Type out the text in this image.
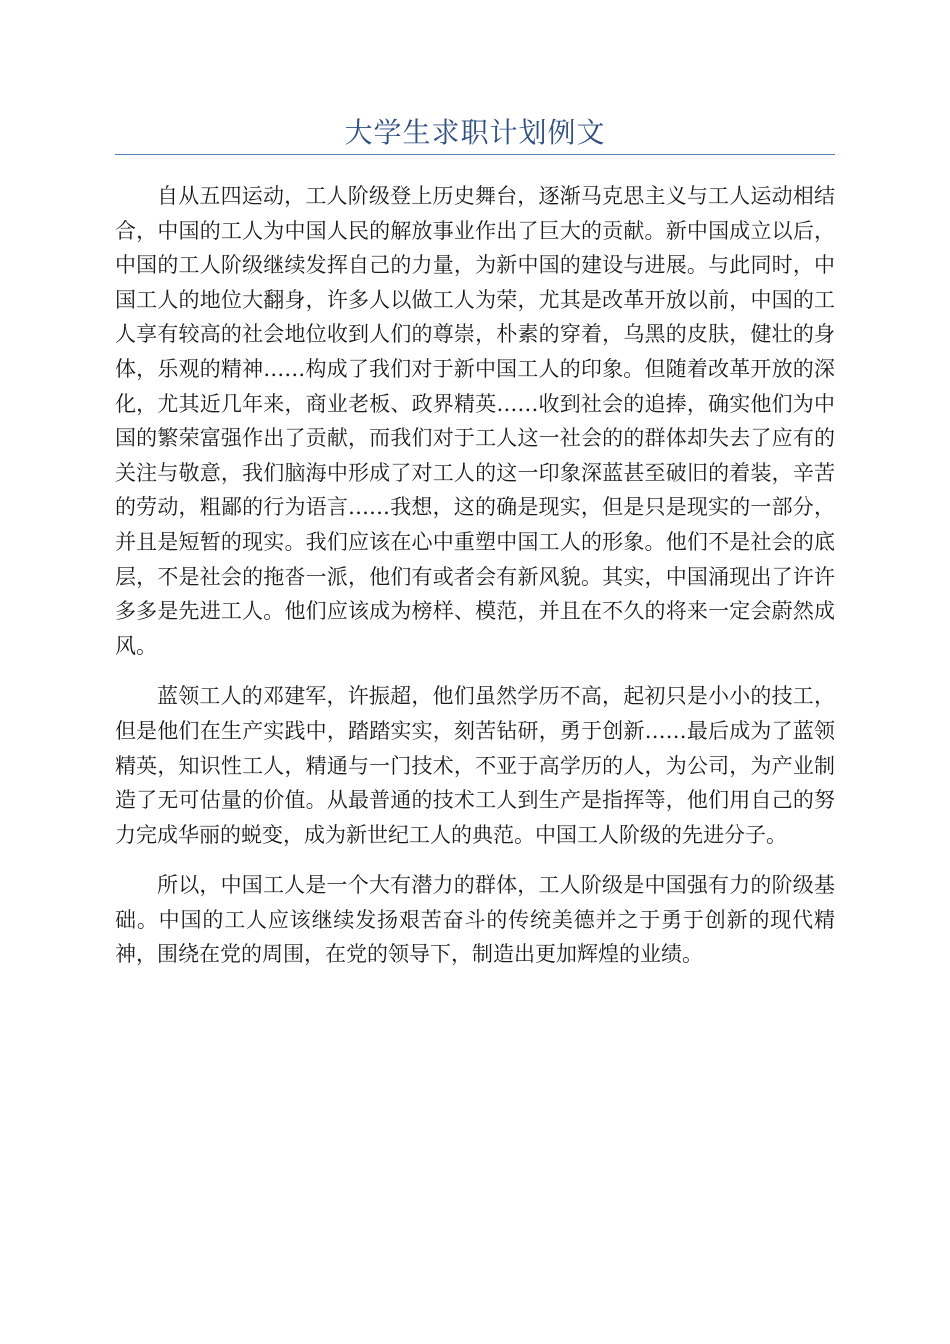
大学生求职计划例文

自从五四运动，工人阶级登上历史舞台，逐渐马克思主义与工人运动相结合，中国的工人为中国人民的解放事业作出了巨大的贡献。新中国成立以后，中国的工人阶级继续发挥自己的力量，为新中国的建设与进展。与此同时，中国工人的地位大翻身，许多人以做工人为荣，尤其是改革开放以前，中国的工人享有较高的社会地位收到人们的尊崇，朴素的穿着，乌黑的皮肤，健壮的身体，乐观的精神……构成了我们对于新中国工人的印象。但随着改革开放的深化，尤其近几年来，商业老板、政界精英……收到社会的追捧，确实他们为中国的繁荣富强作出了贡献，而我们对于工人这一社会的的群体却失去了应有的关注与敬意，我们脑海中形成了对工人的这一印象深蓝甚至破旧的着装，辛苦的劳动，粗鄙的行为语言……我想，这的确是现实，但是只是现实的一部分，并且是短暂的现实。我们应该在心中重塑中国工人的形象。他们不是社会的底层，不是社会的拖沓一派，他们有或者会有新风貌。其实，中国涌现出了许许多多是先进工人。他们应该成为榜样、模范，并且在不久的将来一定会蔚然成风。

蓝领工人的邓建军，许振超，他们虽然学历不高，起初只是小小的技工，但是他们在生产实践中，踏踏实实，刻苦钻研，勇于创新……最后成为了蓝领精英，知识性工人，精通与一门技术，不亚于高学历的人，为公司，为产业制造了无可估量的价值。从最普通的技术工人到生产是指挥等，他们用自己的努力完成华丽的蜕变，成为新世纪工人的典范。中国工人阶级的先进分子。

所以，中国工人是一个大有潜力的群体，工人阶级是中国强有力的阶级基础。中国的工人应该继续发扬艰苦奋斗的传统美德并之于勇于创新的现代精神，围绕在党的周围，在党的领导下，制造出更加辉煌的业绩。
